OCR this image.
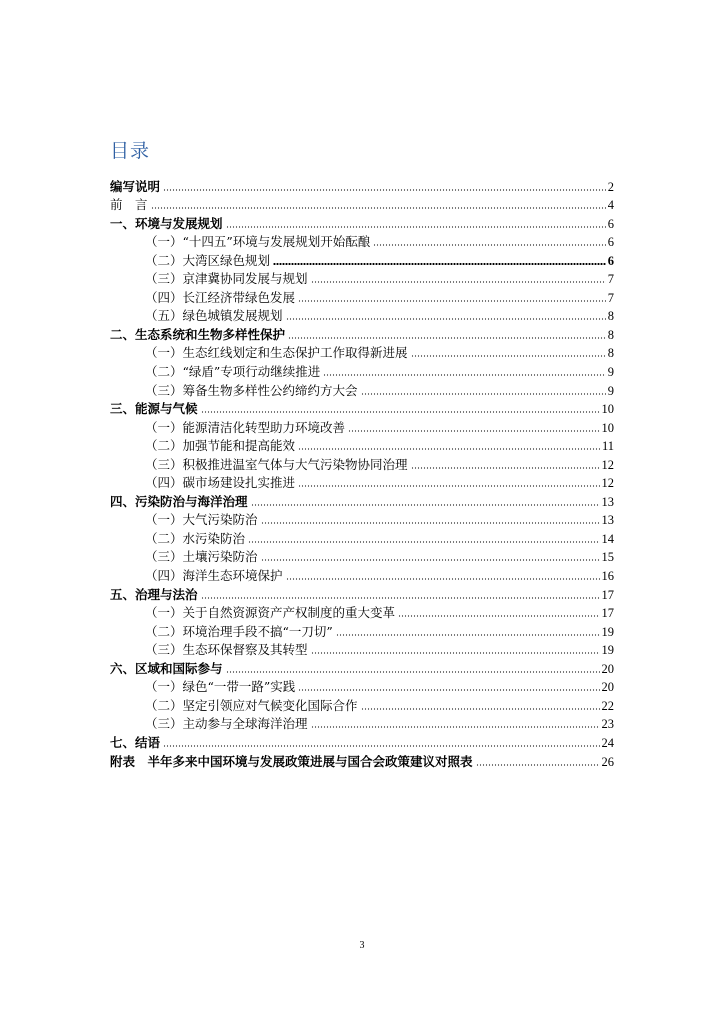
目录
编写说明	2
前　言	4
一、环境与发展规划	6
（一）“十四五”环境与发展规划开始酝酿	6
（二）大湾区绿色规划	6
（三）京津冀协同发展与规划	7
（四）长江经济带绿色发展	7
（五）绿色城镇发展规划	8
二、生态系统和生物多样性保护	8
（一）生态红线划定和生态保护工作取得新进展	8
（二）“绿盾”专项行动继续推进	9
（三）筹备生物多样性公约缔约方大会	9
三、能源与气候	10
（一）能源清洁化转型助力环境改善	10
（二）加强节能和提高能效	11
（三）积极推进温室气体与大气污染物协同治理	12
（四）碳市场建设扎实推进	12
四、污染防治与海洋治理	13
（一）大气污染防治	13
（二）水污染防治	14
（三）土壤污染防治	15
（四）海洋生态环境保护	16
五、治理与法治	17
（一）关于自然资源资产产权制度的重大变革	17
（二）环境治理手段不搞“一刀切”	19
（三）生态环保督察及其转型	19
六、区域和国际参与	20
（一）绿色“一带一路”实践	20
（二）坚定引领应对气候变化国际合作	22
（三）主动参与全球海洋治理	23
七、结语	24
附表　半年多来中国环境与发展政策进展与国合会政策建议对照表	26
3
